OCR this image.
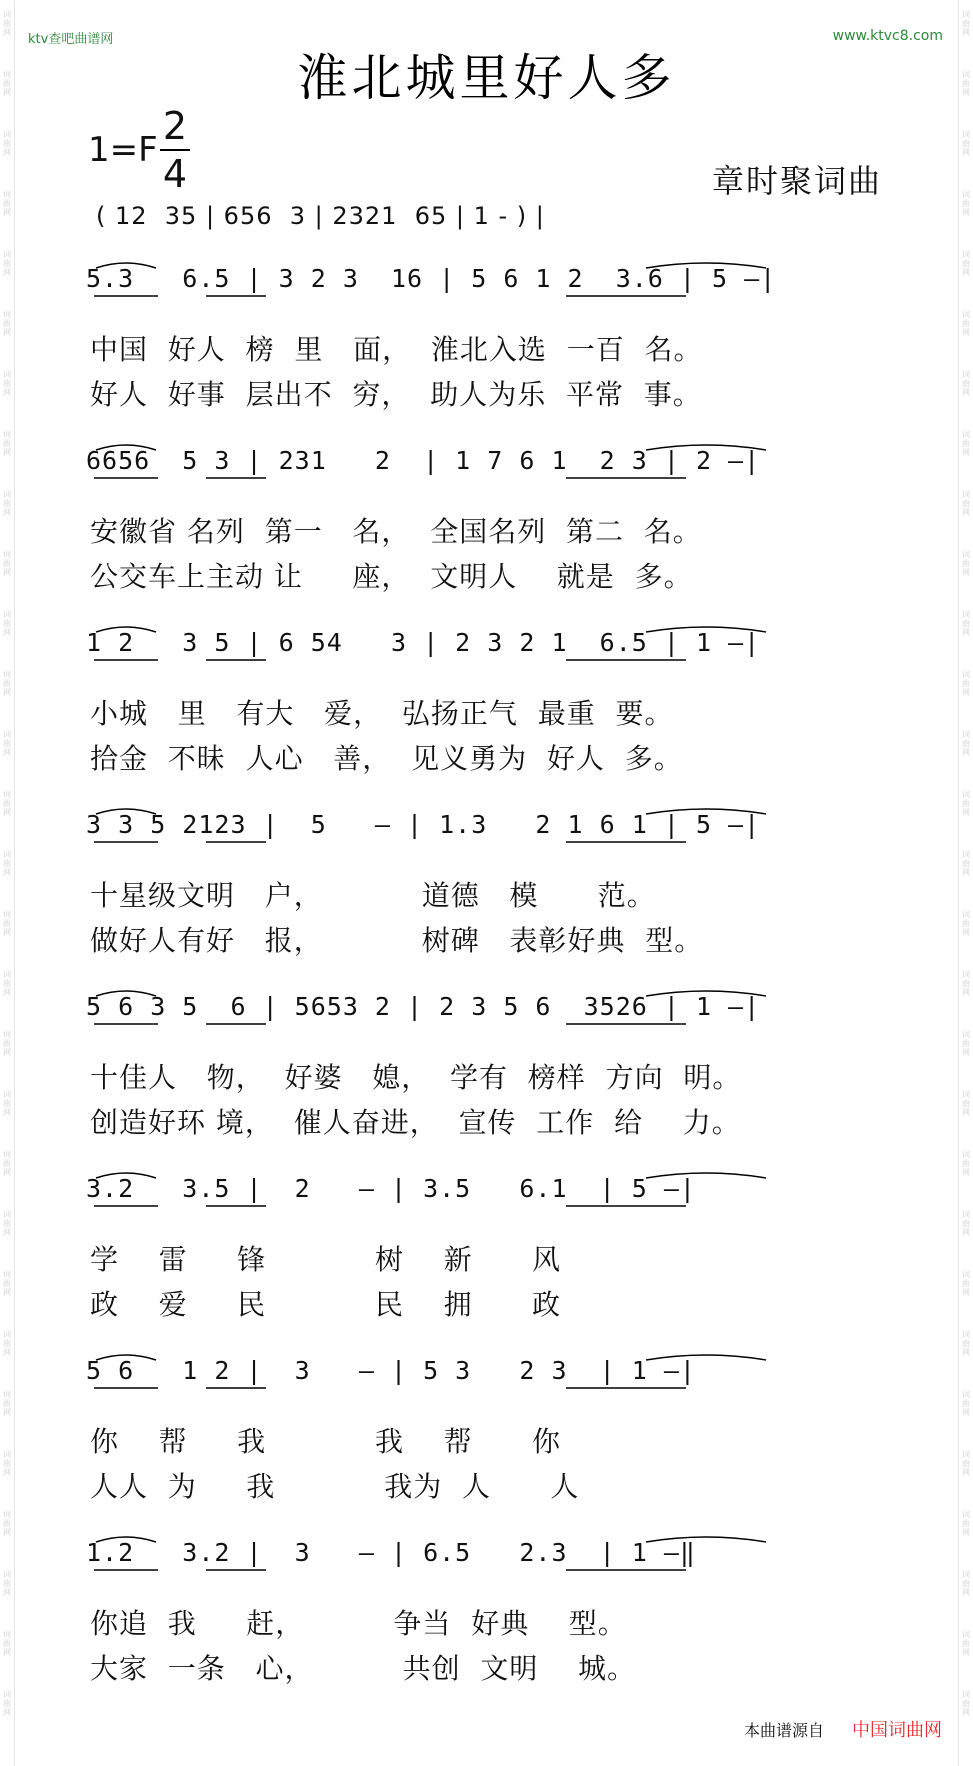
词曲网
词曲网
词曲网
词曲网
词曲网
词曲网
词曲网
词曲网
词曲网
词曲网
词曲网
词曲网
词曲网
词曲网
词曲网
词曲网
词曲网
词曲网
词曲网
词曲网
词曲网
词曲网
词曲网
词曲网
词曲网
词曲网
词曲网
词曲网
词曲网
词曲网
词曲网
词曲网
词曲网
词曲网
词曲网
词曲网
词曲网
词曲网
词曲网
词曲网
词曲网
词曲网
词曲网
词曲网
词曲网
词曲网
词曲网
词曲网
词曲网
词曲网
词曲网
词曲网
词曲网
词曲网
词曲网
词曲网
词曲网
词曲网
ktv查吧曲谱网	www.ktvc8.com
淮北城里好人多
1=F
2
4	章时聚词曲
( 12  35 | 656  3 | 2321  65 | 1 - ) |
5.3   6.5 | 3 2 3  16 | 5 6 1 2  3.6 | 5 —|
中国  好人  榜  里   面，  淮北入选  一百  名。
好人  好事  层出不  穷，  助人为乐  平常  事。
6656  5 3 | 231   2  | 1 7 6 1  2 3 | 2 —|
安徽省 名列  第一   名，  全国名列  第二  名。
公交车上主动 让     座，  文明人    就是  多。
1 2   3 5 | 6 54   3 | 2 3 2 1  6.5 | 1 —|
小城   里   有大   爱，  弘扬正气  最重  要。
拾金  不昧  人心   善，  见义勇为  好人  多。
3 3 5 2123 |  5   — | 1.3   2 1 6 1 | 5 —|
十星级文明   户，          道德   模      范。
做好人有好   报，          树碑   表彰好典  型。
5 6 3 5  6 | 5653 2 | 2 3 5 6  3526 | 1 —|
十佳人   物，  好婆   媳，  学有  榜样  方向  明。
创造好环 境，  催人奋进，  宣传  工作  给    力。
3.2   3.5 |  2   — | 3.5   6.1  | 5 —|
学    雷     锋           树    新      风
政    爱     民           民    拥      政
5 6   1 2 |  3   — | 5 3   2 3  | 1 —|
你    帮     我           我    帮      你
人人  为     我           我为  人      人
1.2   3.2 |  3   — | 6.5   2.3  | 1 —‖
你追  我     赶，         争当  好典    型。
大家  一条   心，         共创  文明    城。
本曲谱源自 中国词曲网
